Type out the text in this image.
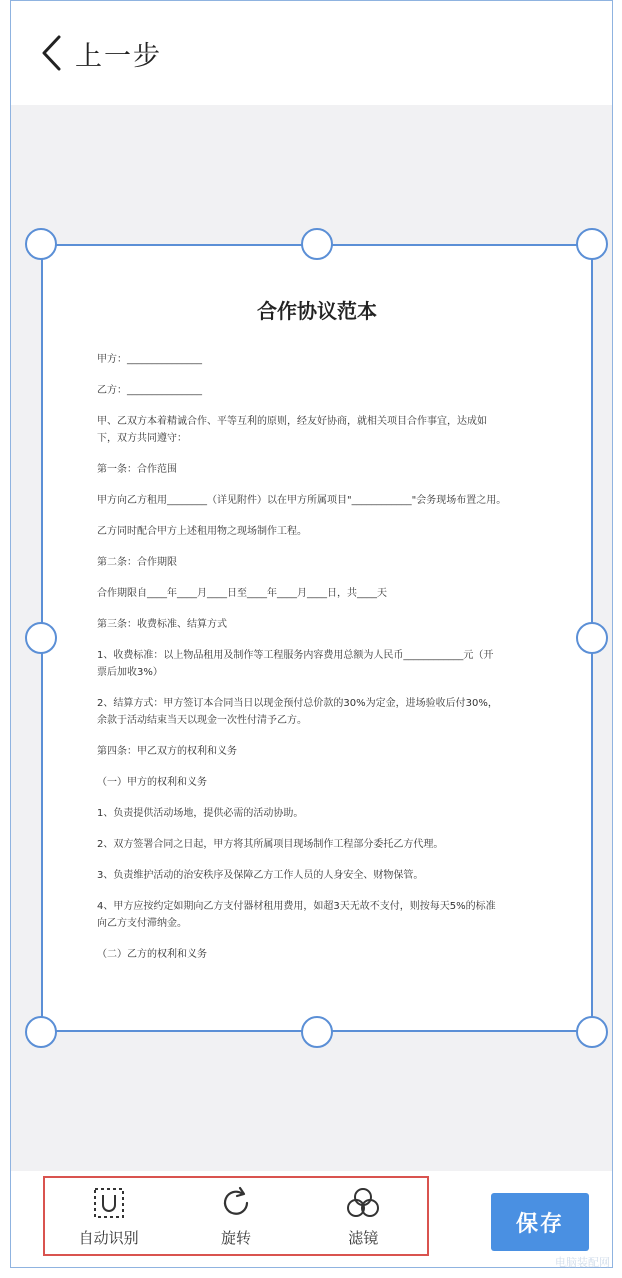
上一步
合作协议范本
甲方：_______________
乙方：_______________
甲、乙双方本着精诚合作、平等互利的原则，经友好协商，就相关项目合作事宜，达成如
下，双方共同遵守：
第一条：合作范围
甲方向乙方租用________（详见附件）以在甲方所属项目"____________"会务现场布置之用。
乙方同时配合甲方上述租用物之现场制作工程。
第二条：合作期限
合作期限自____年____月____日至____年____月____日，共____天
第三条：收费标准、结算方式
1、收费标准：以上物品租用及制作等工程服务内容费用总额为人民币____________元（开
票后加收3%）
2、结算方式：甲方签订本合同当日以现金预付总价款的30%为定金，进场验收后付30%，
余款于活动结束当天以现金一次性付清予乙方。
第四条：甲乙双方的权利和义务
（一）甲方的权利和义务
1、负责提供活动场地，提供必需的活动协助。
2、双方签署合同之日起，甲方将其所属项目现场制作工程部分委托乙方代理。
3、负责维护活动的治安秩序及保障乙方工作人员的人身安全、财物保管。
4、甲方应按约定如期向乙方支付器材租用费用，如超3天无故不支付，则按每天5%的标准
向乙方支付滞纳金。
（二）乙方的权利和义务
自动识别	旋转	滤镜
保存
电脑装配网
